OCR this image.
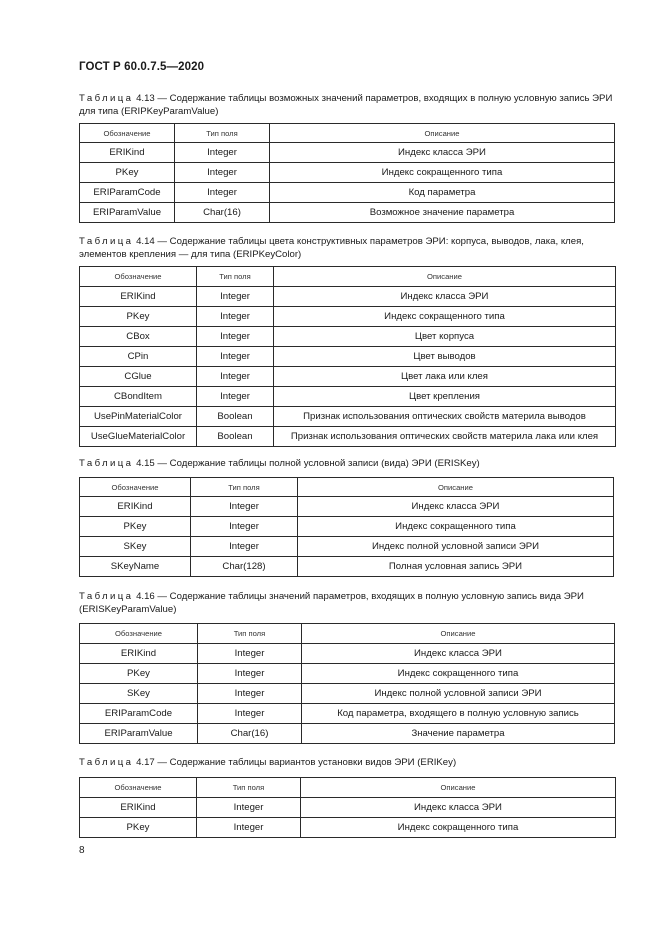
ГОСТ Р 60.0.7.5—2020
Таблица 4.13 — Содержание таблицы возможных значений параметров, входящих в полную условную запись ЭРИ для типа (ERIPKeyParamValue)
Обозначение	Тип поля	Описание
ERIKind	Integer	Индекс класса ЭРИ
PKey	Integer	Индекс сокращенного типа
ERIParamCode	Integer	Код параметра
ERIParamValue	Char(16)	Возможное значение параметра
Таблица 4.14 — Содержание таблицы цвета конструктивных параметров ЭРИ: корпуса, выводов, лака, клея, элементов крепления — для типа (ERIPKeyColor)
Обозначение	Тип поля	Описание
ERIKind	Integer	Индекс класса ЭРИ
PKey	Integer	Индекс сокращенного типа
CBox	Integer	Цвет корпуса
CPin	Integer	Цвет выводов
CGlue	Integer	Цвет лака или клея
CBondItem	Integer	Цвет крепления
UsePinMaterialColor	Boolean	Признак использования оптических свойств материла выводов
UseGlueMaterialColor	Boolean	Признак использования оптических свойств материла лака или клея
Таблица 4.15 — Содержание таблицы полной условной записи (вида) ЭРИ (ERISKey)
Обозначение	Тип поля	Описание
ERIKind	Integer	Индекс класса ЭРИ
PKey	Integer	Индекс сокращенного типа
SKey	Integer	Индекс полной условной записи ЭРИ
SKeyName	Char(128)	Полная условная запись ЭРИ
Таблица 4.16 — Содержание таблицы значений параметров, входящих в полную условную запись вида ЭРИ (ERISKeyParamValue)
Обозначение	Тип поля	Описание
ERIKind	Integer	Индекс класса ЭРИ
PKey	Integer	Индекс сокращенного типа
SKey	Integer	Индекс полной условной записи ЭРИ
ERIParamCode	Integer	Код параметра, входящего в полную условную запись
ERIParamValue	Char(16)	Значение параметра
Таблица 4.17 — Содержание таблицы вариантов установки видов ЭРИ (ERIKey)
Обозначение	Тип поля	Описание
ERIKind	Integer	Индекс класса ЭРИ
PKey	Integer	Индекс сокращенного типа
8
